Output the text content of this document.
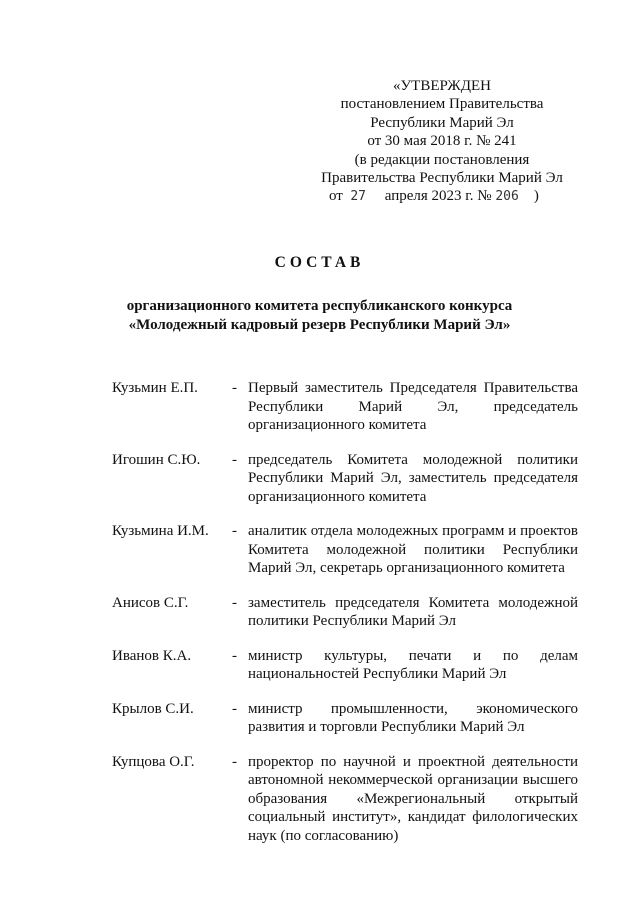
«УТВЕРЖДЕН
постановлением Правительства
Республики Марий Эл
от 30 мая 2018 г. № 241
(в редакции постановления
Правительства Республики Марий Эл
от 27 апреля 2023 г. № 206 )
СОСТАВ
организационного комитета республиканского конкурса
«Молодежный кадровый резерв Республики Марий Эл»
Кузьмин Е.П.	- Первый заместитель Председателя Правительства Республики Марий Эл, председатель организационного комитета
Игошин С.Ю.	- председатель Комитета молодежной политики Республики Марий Эл, заместитель председателя организационного комитета
Кузьмина И.М.	- аналитик отдела молодежных программ и проектов Комитета молодежной политики Республики Марий Эл, секретарь организационного комитета
Анисов С.Г.	- заместитель председателя Комитета молодежной политики Республики Марий Эл
Иванов К.А.	- министр культуры, печати и по делам национальностей Республики Марий Эл
Крылов С.И.	- министр промышленности, экономического развития и торговли Республики Марий Эл
Купцова О.Г.	- проректор по научной и проектной деятельности автономной некоммерческой организации высшего образования «Межрегиональный открытый социальный институт», кандидат филологических наук (по согласованию)
